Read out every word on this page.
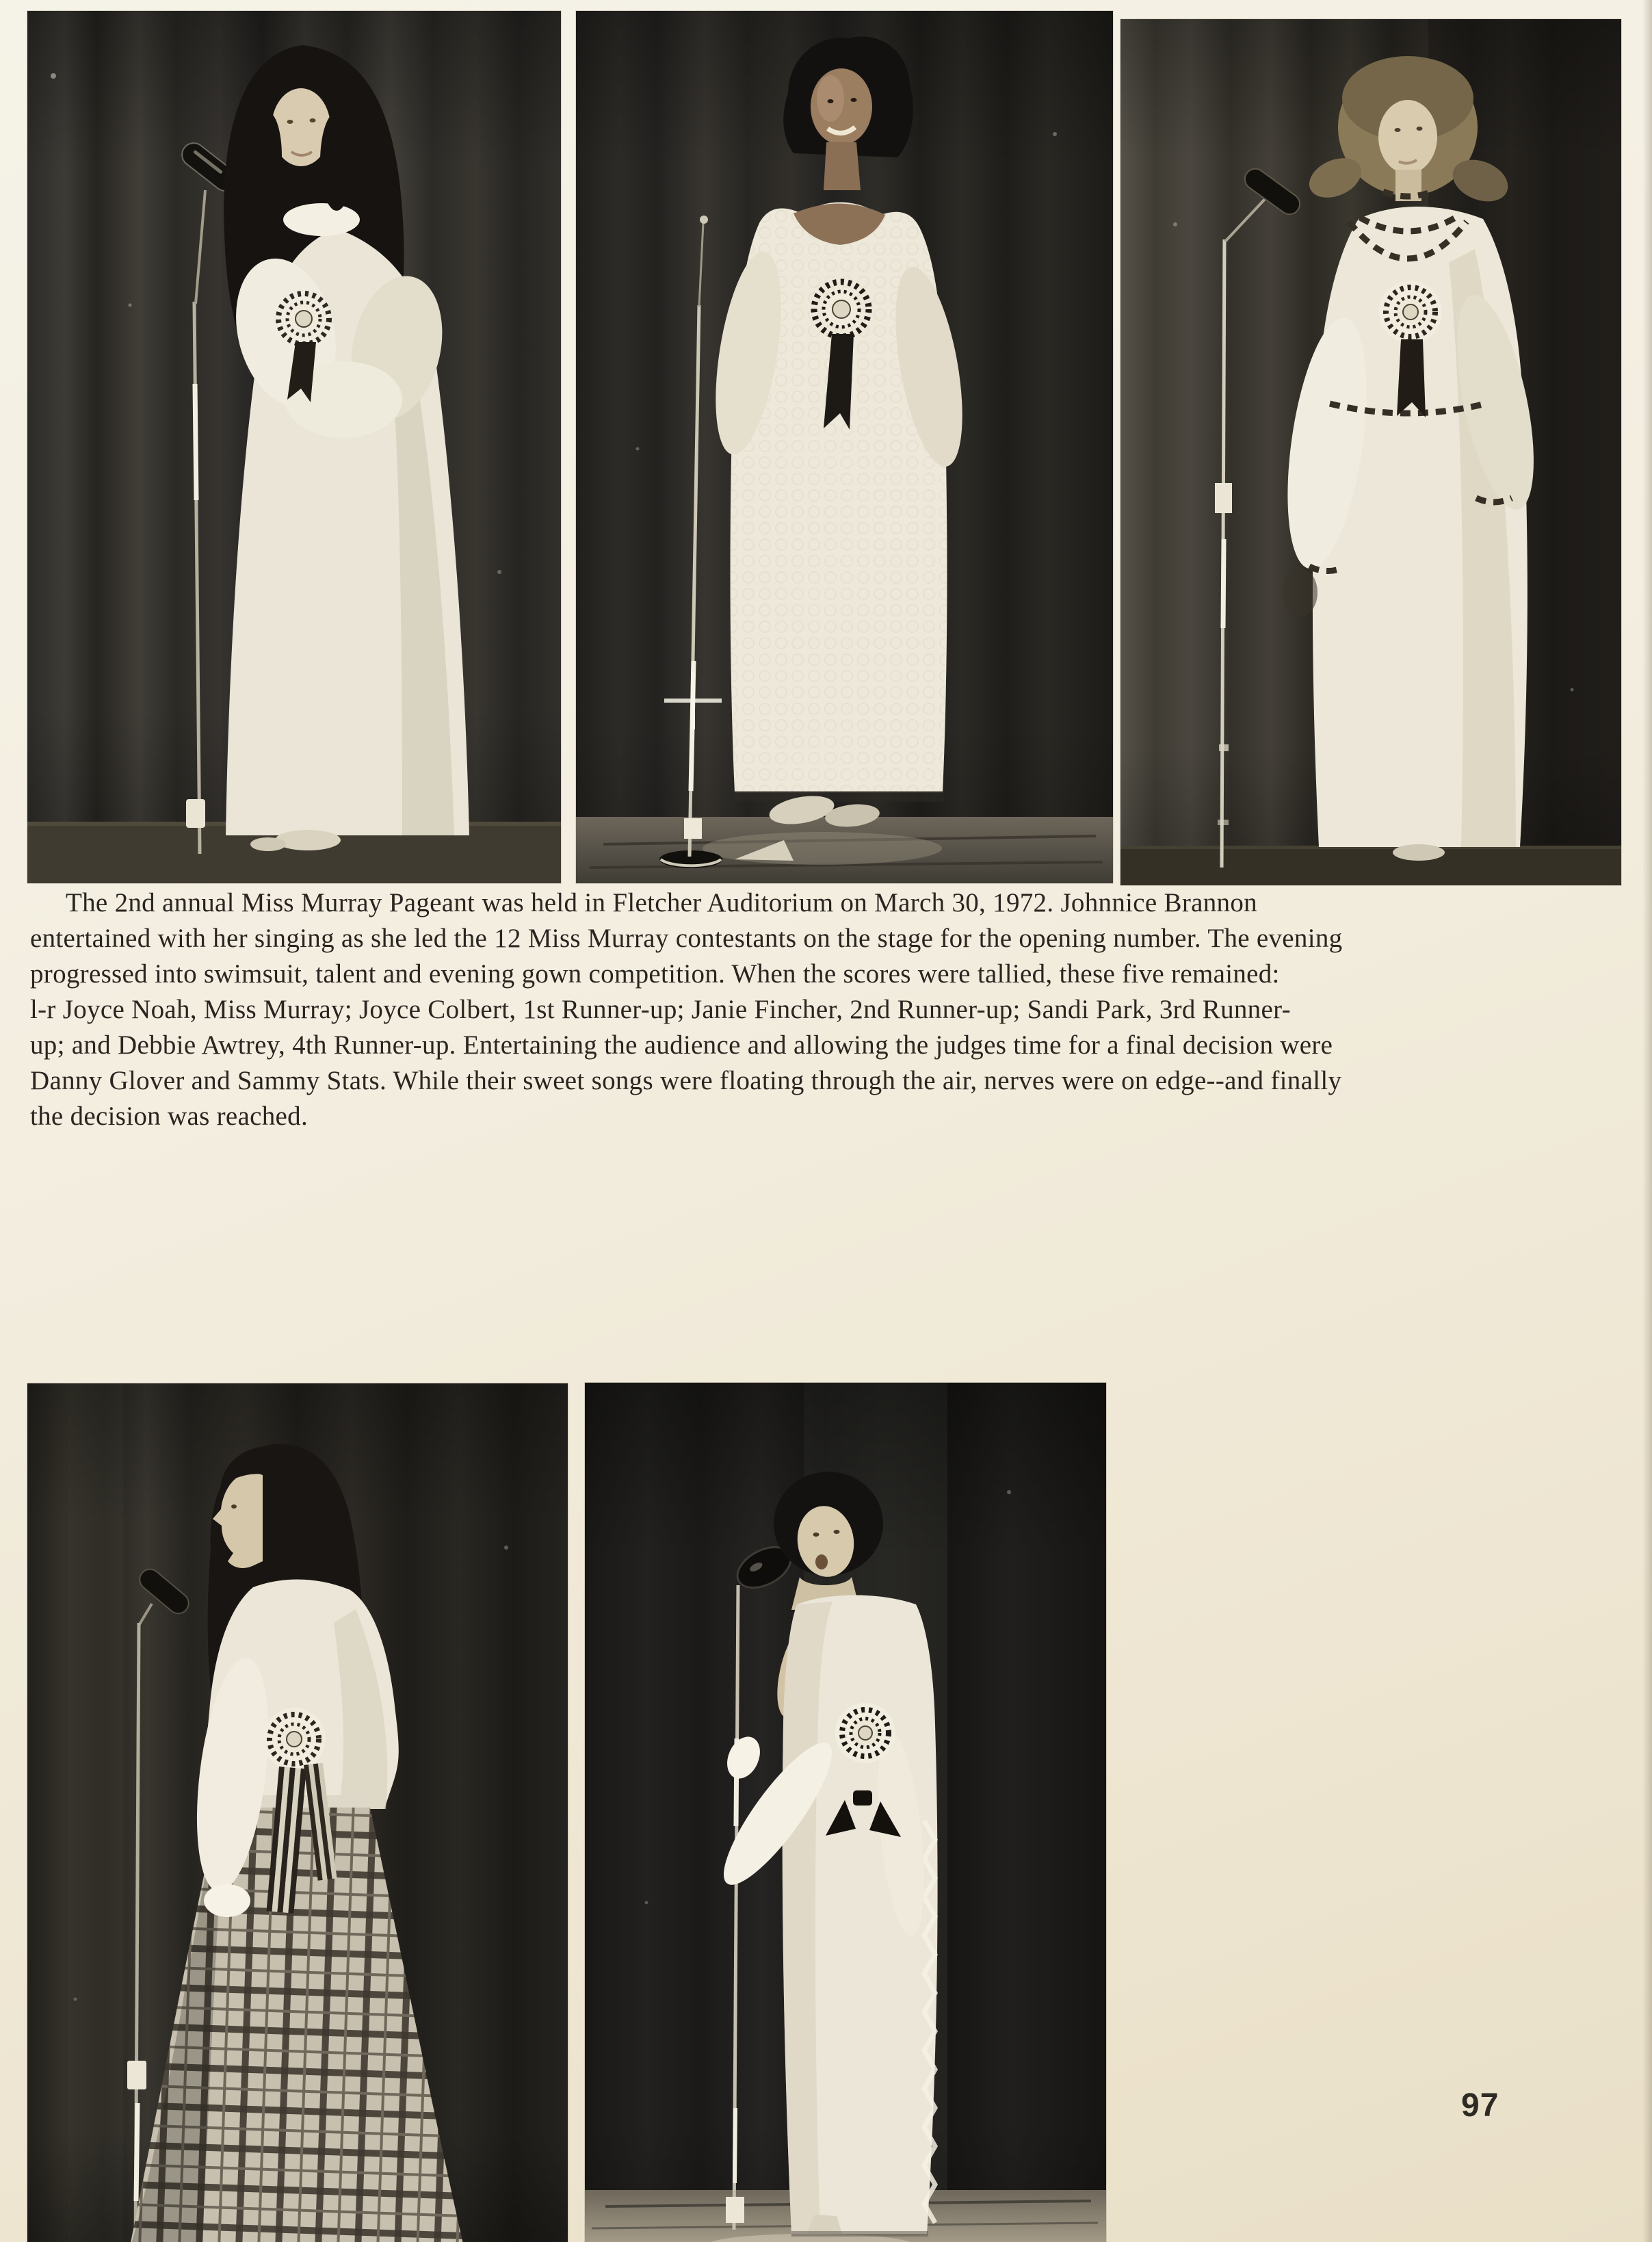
The 2nd annual Miss Murray Pageant was held in Fletcher Auditorium on March 30, 1972. Johnnice Brannon
entertained with her singing as she led the 12 Miss Murray contestants on the stage for the opening number. The evening
progressed into swimsuit, talent and evening gown competition. When the scores were tallied, these five remained:
l-r Joyce Noah, Miss Murray; Joyce Colbert, 1st Runner-up; Janie Fincher, 2nd Runner-up; Sandi Park, 3rd Runner-
up; and Debbie Awtrey, 4th Runner-up. Entertaining the audience and allowing the judges time for a final decision were
Danny Glover and Sammy Stats. While their sweet songs were floating through the air, nerves were on edge--and finally
the decision was reached.
97
